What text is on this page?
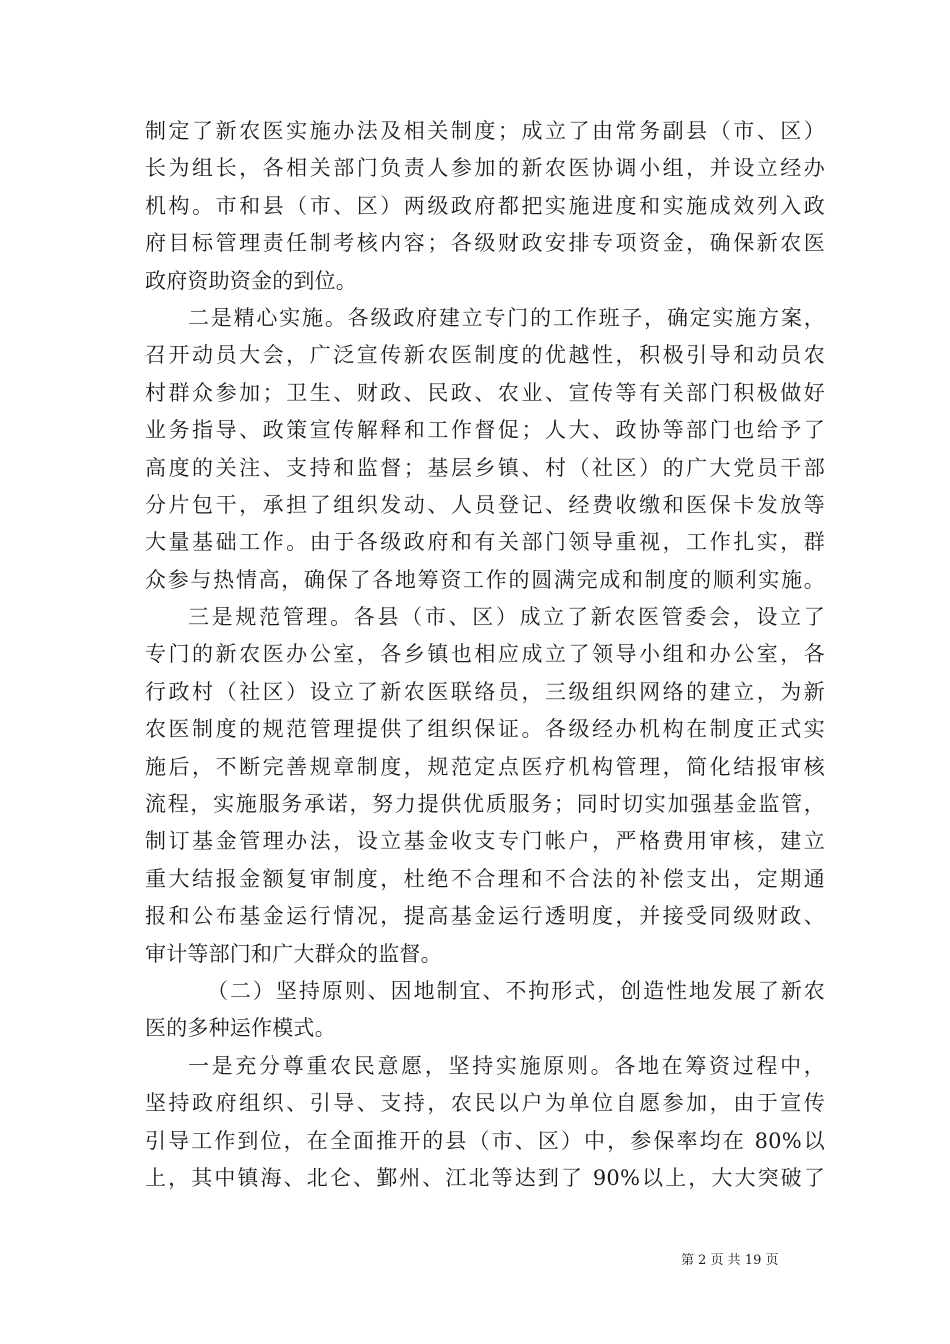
制定了新农医实施办法及相关制度；成立了由常务副县（市、区）
长为组长，各相关部门负责人参加的新农医协调小组，并设立经办
机构。市和县（市、区）两级政府都把实施进度和实施成效列入政
府目标管理责任制考核内容；各级财政安排专项资金，确保新农医
政府资助资金的到位。
二是精心实施。各级政府建立专门的工作班子，确定实施方案，
召开动员大会，广泛宣传新农医制度的优越性，积极引导和动员农
村群众参加；卫生、财政、民政、农业、宣传等有关部门积极做好
业务指导、政策宣传解释和工作督促；人大、政协等部门也给予了
高度的关注、支持和监督；基层乡镇、村（社区）的广大党员干部
分片包干，承担了组织发动、人员登记、经费收缴和医保卡发放等
大量基础工作。由于各级政府和有关部门领导重视，工作扎实，群
众参与热情高，确保了各地筹资工作的圆满完成和制度的顺利实施。
三是规范管理。各县（市、区）成立了新农医管委会，设立了
专门的新农医办公室，各乡镇也相应成立了领导小组和办公室，各
行政村（社区）设立了新农医联络员，三级组织网络的建立，为新
农医制度的规范管理提供了组织保证。各级经办机构在制度正式实
施后，不断完善规章制度，规范定点医疗机构管理，简化结报审核
流程，实施服务承诺，努力提供优质服务；同时切实加强基金监管，
制订基金管理办法，设立基金收支专门帐户，严格费用审核，建立
重大结报金额复审制度，杜绝不合理和不合法的补偿支出，定期通
报和公布基金运行情况，提高基金运行透明度，并接受同级财政、
审计等部门和广大群众的监督。
（二）坚持原则、因地制宜、不拘形式，创造性地发展了新农
医的多种运作模式。
一是充分尊重农民意愿，坚持实施原则。各地在筹资过程中，
坚持政府组织、引导、支持，农民以户为单位自愿参加，由于宣传
引导工作到位，在全面推开的县（市、区）中，参保率均在 80%以
上，其中镇海、北仑、鄞州、江北等达到了 90%以上，大大突破了
第 2 页 共 19 页
